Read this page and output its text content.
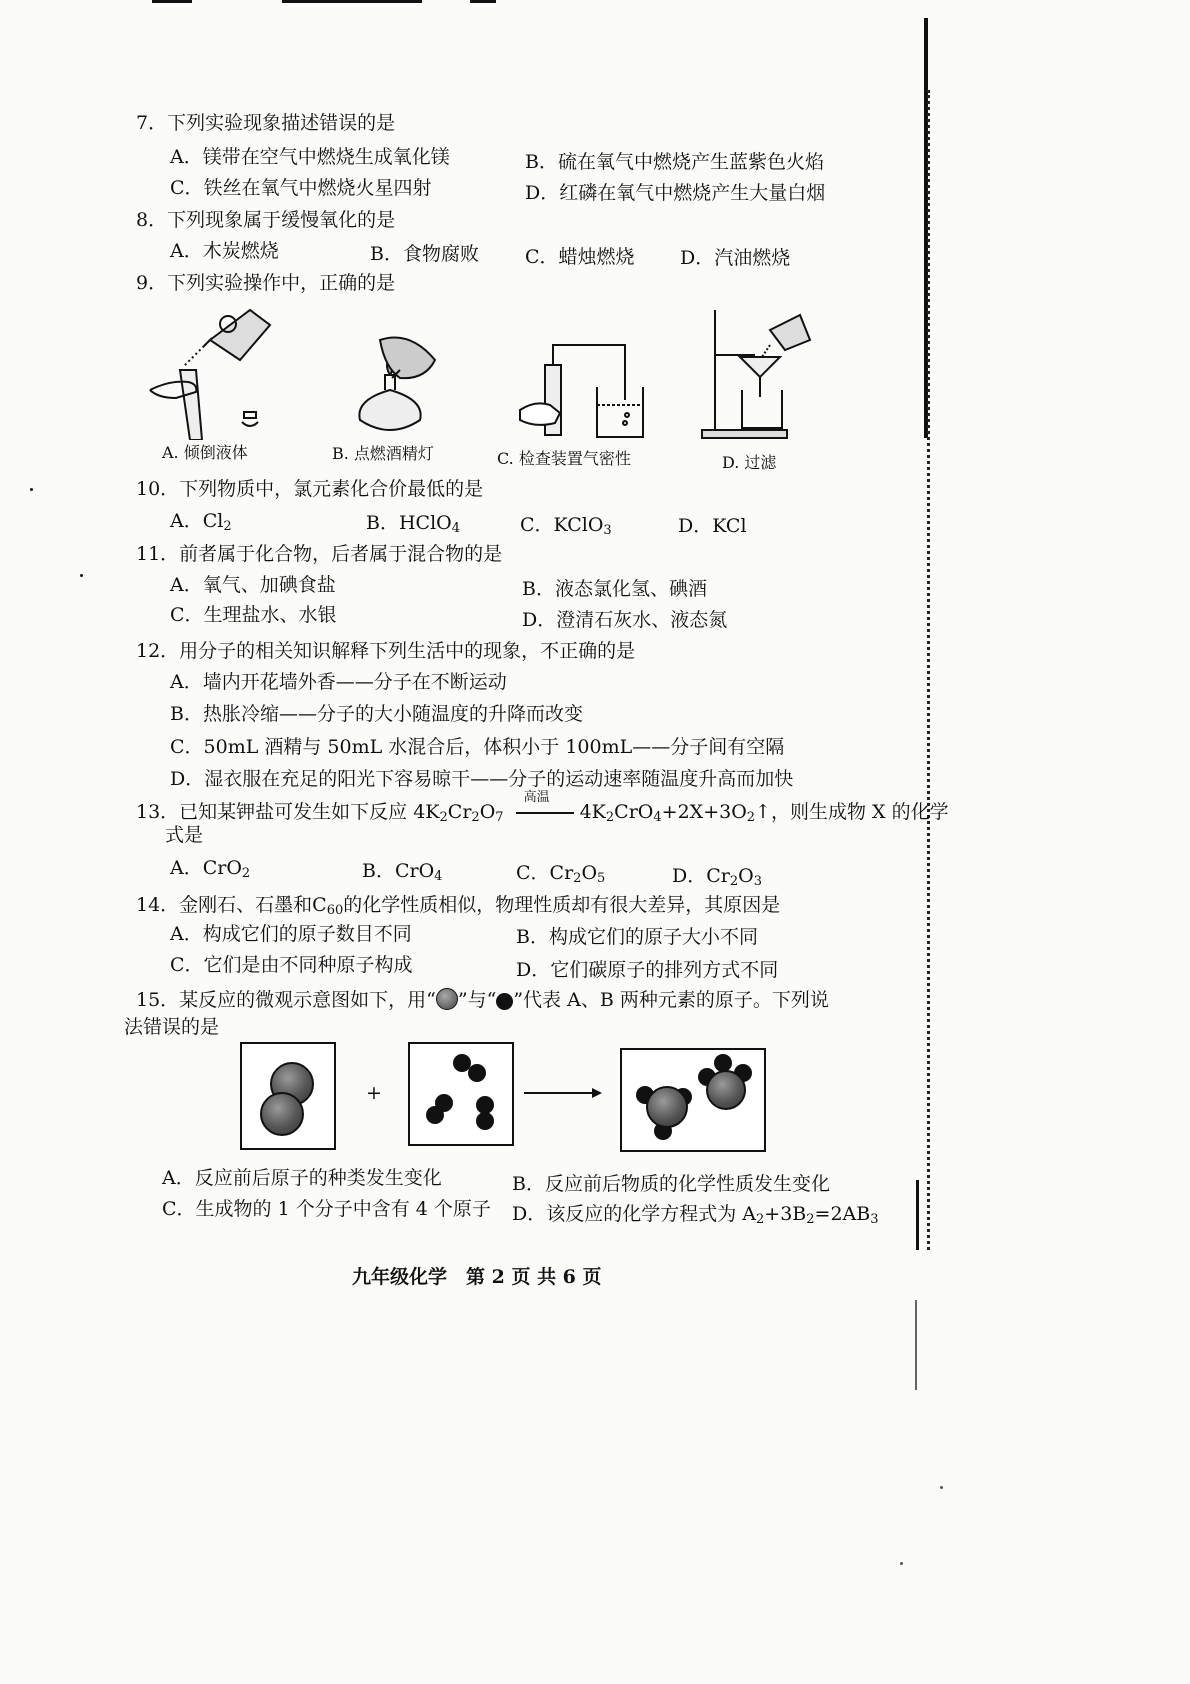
7．下列实验现象描述错误的是
A．镁带在空气中燃烧生成氧化镁	B．硫在氧气中燃烧产生蓝紫色火焰
C．铁丝在氧气中燃烧火星四射	D．红磷在氧气中燃烧产生大量白烟
8．下列现象属于缓慢氧化的是
A．木炭燃烧	B．食物腐败 C．蜡烛燃烧 D．汽油燃烧
9．下列实验操作中，正确的是
A. 倾倒液体	B. 点燃酒精灯	C. 检查装置气密性	D. 过滤
10．下列物质中，氯元素化合价最低的是
A．$Cl_2$	B．HClO$_4$	C．KClO$_3$	D．KCl
11．前者属于化合物，后者属于混合物的是
A．氧气、加碘食盐	B．液态氯化氢、碘酒
C．生理盐水、水银	D．澄清石灰水、液态氮
12．用分子的相关知识解释下列生活中的现象，不正确的是
A．墙内开花墙外香——分子在不断运动
B．热胀冷缩——分子的大小随温度的升降而改变
C．50mL 酒精与 50mL 水混合后，体积小于 100mL——分子间有空隔
D．湿衣服在充足的阳光下容易晾干——分子的运动速率随温度升高而加快
13．已知某钾盐可发生如下反应 $4K_2Cr_2O_7$
高温
$4K_2CrO_4+2X+3O_2↑$，则生成物 X 的化学
式是
A．CrO$_2$	B．CrO$_4$	C．$Cr_2O_5$	D．$Cr_2O_3$
14．金刚石、石墨和$C_{60}$的化学性质相似，物理性质却有很大差异，其原因是
A．构成它们的原子数目不同	B．构成它们的原子大小不同
C．它们是由不同种原子构成	D．它们碳原子的排列方式不同
15．某反应的微观示意图如下，用“ ”与“ ”代表 A、B 两种元素的原子。下列说
法错误的是
+
A．反应前后原子的种类发生变化	B．反应前后物质的化学性质发生变化
C．生成物的 1 个分子中含有 4 个原子 D．该反应的化学方程式为 $A_2+3B_2=2AB_3$
九年级化学　第 2 页 共 6 页
